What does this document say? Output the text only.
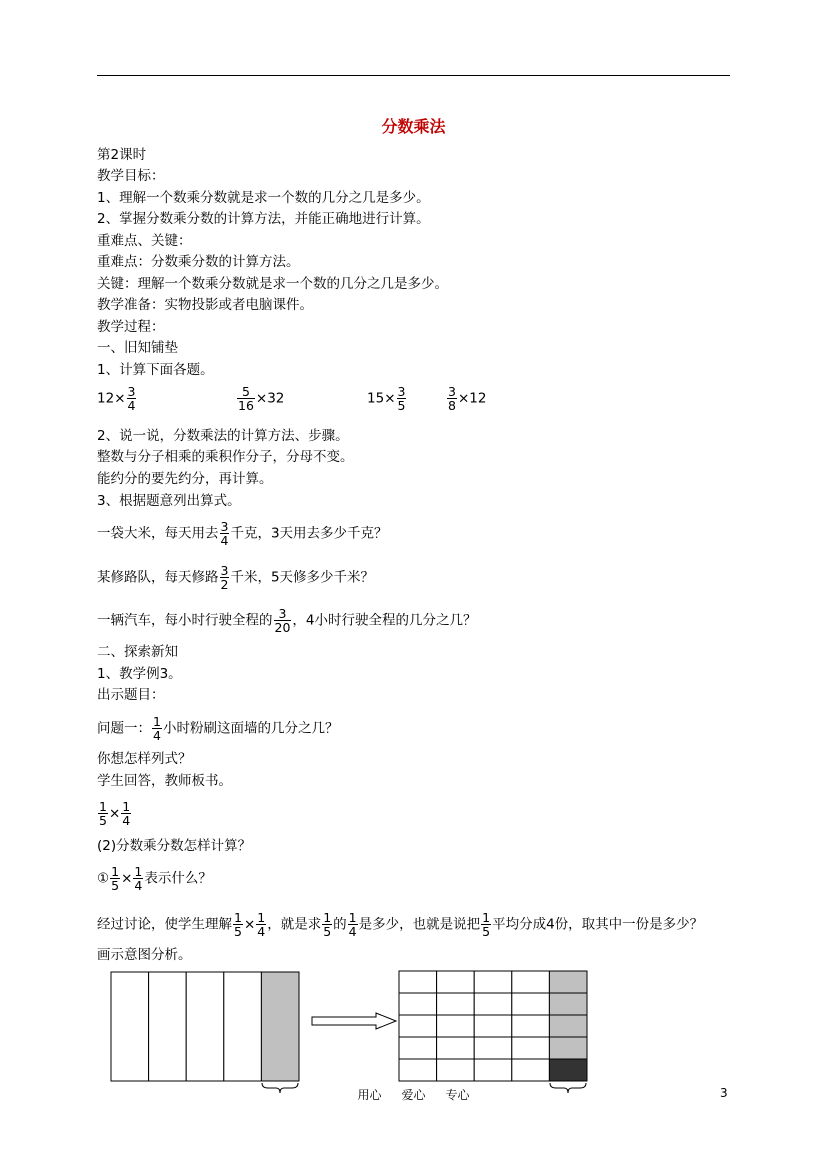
分数乘法
第2课时
教学目标：
1、理解一个数乘分数就是求一个数的几分之几是多少。
2、掌握分数乘分数的计算方法，并能正确地进行计算。
重难点、关键：
重难点：分数乘分数的计算方法。
关键：理解一个数乘分数就是求一个数的几分之几是多少。
教学准备：实物投影或者电脑课件。
教学过程：
一、旧知铺垫
1、计算下面各题。
$12\times \frac{3}{4}$	$\frac{5}{16} \times 32$	$15\times \frac{3}{5}$	$\frac{3}{8} \times 12$
2、说一说，分数乘法的计算方法、步骤。
整数与分子相乘的乘积作分子，分母不变。
能约分的要先约分，再计算。
3、根据题意列出算式。
一袋大米，每天用去 $\frac{3}{4}$ 千克，3天用去多少千克？
某修路队，每天修路 $\frac{3}{2}$ 千米，5天修多少千米？
一辆汽车，每小时行驶全程的 $\frac{3}{20}$ ，4小时行驶全程的几分之几？
二、探索新知
1、教学例3。
出示题目：
问题一： $\frac{1}{4}$ 小时粉刷这面墙的几分之几？
你想怎样列式？
学生回答，教师板书。
$\frac{1}{5} \times \frac{1}{4}$
(2)分数乘分数怎样计算？
① $\frac{1}{5} \times \frac{1}{4}$ 表示什么？
经过讨论，使学生理解 $\frac{1}{5} \times \frac{1}{4}$ ，就是求 $\frac{1}{5}$ 的 $\frac{1}{4}$ 是多少，也就是说把 $\frac{1}{5}$ 平均分成4份，取其中一份是多少？
画示意图分析。
用心 爱心 专心	3
